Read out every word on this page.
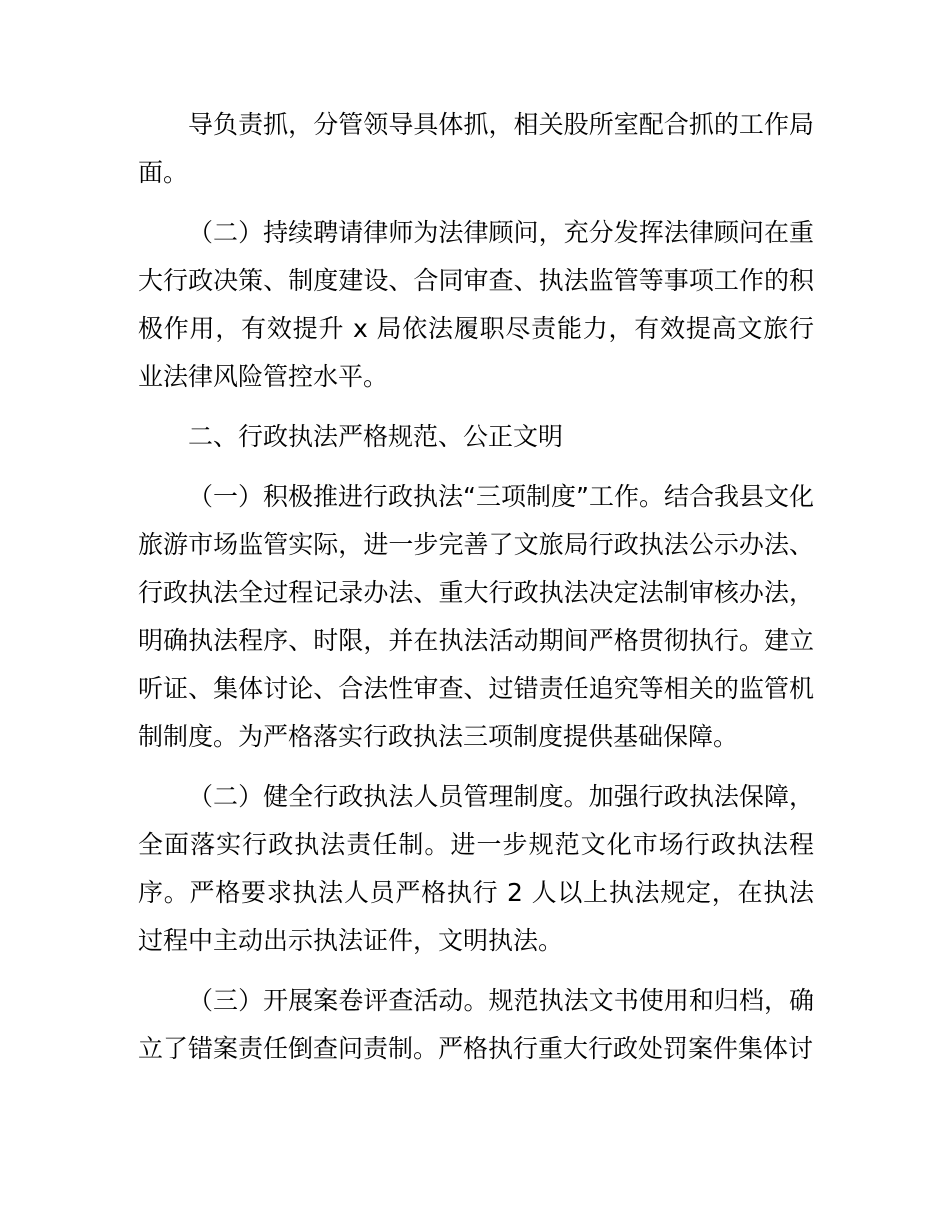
导负责抓，分管领导具体抓，相关股所室配合抓的工作局面。

（二）持续聘请律师为法律顾问，充分发挥法律顾问在重大行政决策、制度建设、合同审查、执法监管等事项工作的积极作用，有效提升 x 局依法履职尽责能力，有效提高文旅行业法律风险管控水平。

二、行政执法严格规范、公正文明

（一）积极推进行政执法“三项制度”工作。结合我县文化旅游市场监管实际，进一步完善了文旅局行政执法公示办法、行政执法全过程记录办法、重大行政执法决定法制审核办法，明确执法程序、时限，并在执法活动期间严格贯彻执行。建立听证、集体讨论、合法性审查、过错责任追究等相关的监管机制制度。为严格落实行政执法三项制度提供基础保障。

（二）健全行政执法人员管理制度。加强行政执法保障，全面落实行政执法责任制。进一步规范文化市场行政执法程序。严格要求执法人员严格执行 2 人以上执法规定，在执法过程中主动出示执法证件，文明执法。

（三）开展案卷评查活动。规范执法文书使用和归档，确立了错案责任倒查问责制。严格执行重大行政处罚案件集体讨
